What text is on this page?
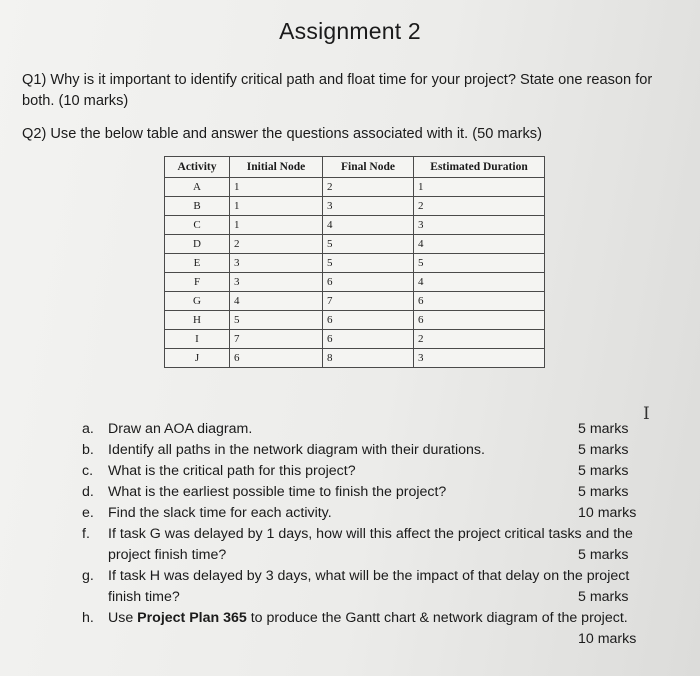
Assignment 2
Q1) Why is it important to identify critical path and float time for your project? State one reason for both. (10 marks)
Q2) Use the below table and answer the questions associated with it. (50 marks)
Activity	Initial Node	Final Node	Estimated Duration
A	1	2	1
B	1	3	2
C	1	4	3
D	2	5	4
E	3	5	5
F	3	6	4
G	4	7	6
H	5	6	6
I	7	6	2
J	6	8	3
I
a. Draw an AOA diagram.	5 marks
b. Identify all paths in the network diagram with their durations.	5 marks
c.	What is the critical path for this project?	5 marks
d. What is the earliest possible time to finish the project?	5 marks
e. Find the slack time for each activity.	10 marks
f.	If task G was delayed by 1 days, how will this affect the project critical tasks and the
project finish time?	5 marks
g. If task H was delayed by 3 days, what will be the impact of that delay on the project
finish time?	5 marks
h. Use Project Plan 365 to produce the Gantt chart & network diagram of the project.
10 marks
